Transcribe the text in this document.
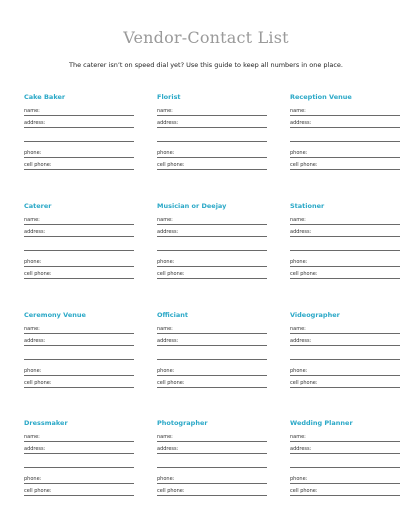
Vendor-Contact List
The caterer isn’t on speed dial yet? Use this guide to keep all numbers in one place.
Cake Baker
name:
address:
phone:
cell phone:
Florist
name:
address:
phone:
cell phone:
Reception Venue
name:
address:
phone:
cell phone:
Caterer
name:
address:
phone:
cell phone:
Musician or Deejay
name:
address:
phone:
cell phone:
Stationer
name:
address:
phone:
cell phone:
Ceremony Venue
name:
address:
phone:
cell phone:
Officiant
name:
address:
phone:
cell phone:
Videographer
name:
address:
phone:
cell phone:
Dressmaker
name:
address:
phone:
cell phone:
Photographer
name:
address:
phone:
cell phone:
Wedding Planner
name:
address:
phone:
cell phone:
